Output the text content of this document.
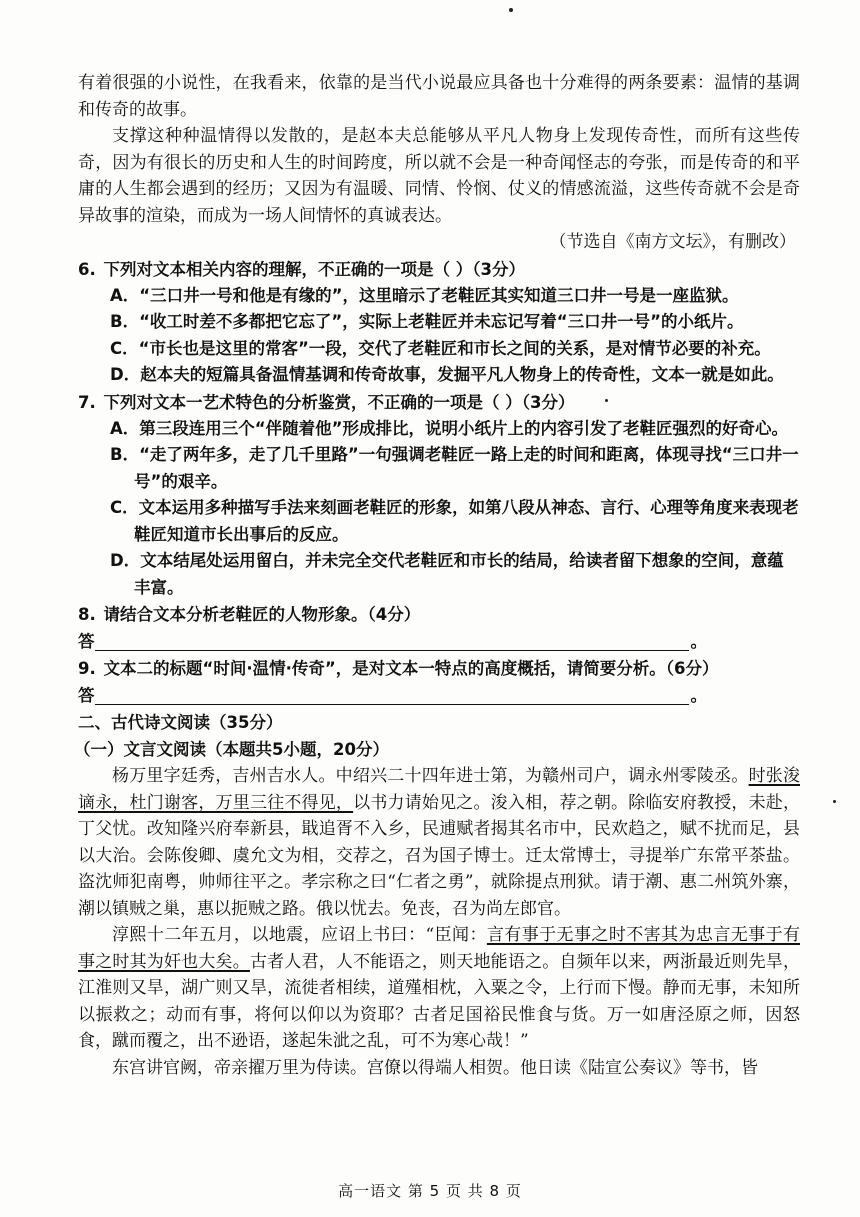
有着很强的小说性，在我看来，依靠的是当代小说最应具备也十分难得的两条要素：温情的基调和传奇的故事。

支撑这种种温情得以发散的，是赵本夫总能够从平凡人物身上发现传奇性，而所有这些传奇，因为有很长的历史和人生的时间跨度，所以就不会是一种奇闻怪志的夸张，而是传奇的和平庸的人生都会遇到的经历；又因为有温暖、同情、怜悯、仗义的情感流溢，这些传奇就不会是奇异故事的渲染，而成为一场人间情怀的真诚表达。

（节选自《南方文坛》，有删改）

6. 下列对文本相关内容的理解，不正确的一项是（ ）（3分）

A．“三口井一号和他是有缘的”，这里暗示了老鞋匠其实知道三口井一号是一座监狱。

B．“收工时差不多都把它忘了”，实际上老鞋匠并未忘记写着“三口井一号”的小纸片。

C．“市长也是这里的常客”一段，交代了老鞋匠和市长之间的关系，是对情节必要的补充。

D．赵本夫的短篇具备温情基调和传奇故事，发掘平凡人物身上的传奇性，文本一就是如此。

7. 下列对文本一艺术特色的分析鉴赏，不正确的一项是（ ）（3分）

A．第三段连用三个“伴随着他”形成排比，说明小纸片上的内容引发了老鞋匠强烈的好奇心。

B．“走了两年多，走了几千里路”一句强调老鞋匠一路上走的时间和距离，体现寻找“三口井一号”的艰辛。

C．文本运用多种描写手法来刻画老鞋匠的形象，如第八段从神态、言行、心理等角度来表现老鞋匠知道市长出事后的反应。

D．文本结尾处运用留白，并未完全交代老鞋匠和市长的结局，给读者留下想象的空间，意蕴丰富。

8. 请结合文本分析老鞋匠的人物形象。（4分）

答	。

9. 文本二的标题“时间·温情·传奇”，是对文本一特点的高度概括，请简要分析。（6分）

答	。

二、古代诗文阅读（35分）

（一）文言文阅读（本题共5小题，20分）

杨万里字廷秀，吉州吉水人。中绍兴二十四年进士第，为赣州司户，调永州零陵丞。时张浚谪永，杜门谢客，万里三往不得见，以书力请始见之。浚入相，荐之朝。除临安府教授，未赴，丁父忧。改知隆兴府奉新县，戢追胥不入乡，民逋赋者揭其名市中，民欢趋之，赋不扰而足，县以大治。会陈俊卿、虞允文为相，交荐之，召为国子博士。迁太常博士，寻提举广东常平茶盐。盗沈师犯南粤，帅师往平之。孝宗称之曰“仁者之勇”，就除提点刑狱。请于潮、惠二州筑外寨，潮以镇贼之巢，惠以扼贼之路。俄以忧去。免丧，召为尚左郎官。

淳熙十二年五月，以地震，应诏上书曰：“臣闻：言有事于无事之时不害其为忠言无事于有事之时其为奸也大矣。古者人君，人不能语之，则天地能语之。自频年以来，两浙最近则先旱，江淮则又旱，湖广则又旱，流徙者相续，道殣相枕，入粟之令，上行而下慢。静而无事，未知所以振救之；动而有事，将何以仰以为资耶？古者足国裕民惟食与货。万一如唐泾原之师，因怒食，蹴而覆之，出不逊语，遂起朱泚之乱，可不为寒心哉！”

东宫讲官阙，帝亲擢万里为侍读。宫僚以得端人相贺。他日读《陆宣公奏议》等书，皆

高一语文 第 5 页 共 8 页
